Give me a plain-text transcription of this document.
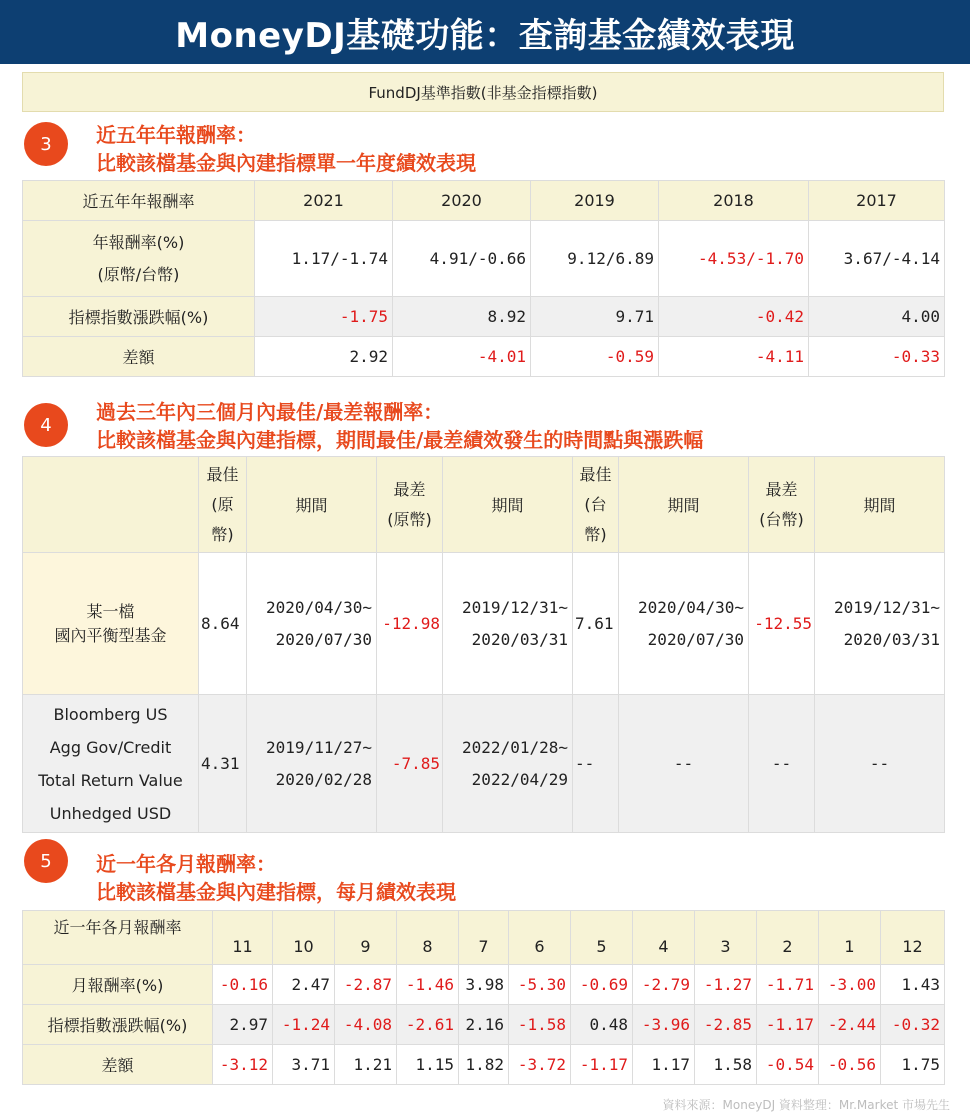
MoneyDJ基礎功能：查詢基金績效表現
FundDJ基準指數(非基金指標指數)
3	近五年年報酬率：
比較該檔基金與內建指標單一年度績效表現
近五年年報酬率	2021	2020	2019	2018	2017
年報酬率(%)
(原幣/台幣)	1.17/-1.74	4.91/-0.66	9.12/6.89	-4.53/-1.70	3.67/-4.14
指標指數漲跌幅(%)	-1.75	8.92	9.71	-0.42	4.00
差額	2.92	-4.01	-0.59	-4.11	-0.33
4
過去三年內三個月內最佳/最差報酬率：
比較該檔基金與內建指標，期間最佳/最差績效發生的時間點與漲跌幅
	最佳
(原
幣)	期間	最差
(原幣)	期間	最佳
(台
幣)	期間	最差
(台幣)	期間
某一檔
國內平衡型基金	8.64	2020/04/30~
2020/07/30	-12.98	2019/12/31~
2020/03/31	7.61	2020/04/30~
2020/07/30	-12.55	2019/12/31~
2020/03/31
Bloomberg US
Agg Gov/Credit
Total Return Value
Unhedged USD	4.31	2019/11/27~
2020/02/28	-7.85	2022/01/28~
2022/04/29	--	--	--	--
5	近一年各月報酬率：
比較該檔基金與內建指標，每月績效表現
近一年各月報酬率	11	10	9	8	7	6	5	4	3	2	1	12
月報酬率(%)	-0.16	2.47	-2.87	-1.46	3.98	-5.30	-0.69	-2.79	-1.27	-1.71	-3.00	1.43
指標指數漲跌幅(%)	2.97	-1.24	-4.08	-2.61	2.16	-1.58	0.48	-3.96	-2.85	-1.17	-2.44	-0.32
差額	-3.12	3.71	1.21	1.15	1.82	-3.72	-1.17	1.17	1.58	-0.54	-0.56	1.75
資料來源：MoneyDJ 資料整理：Mr.Market 市場先生
